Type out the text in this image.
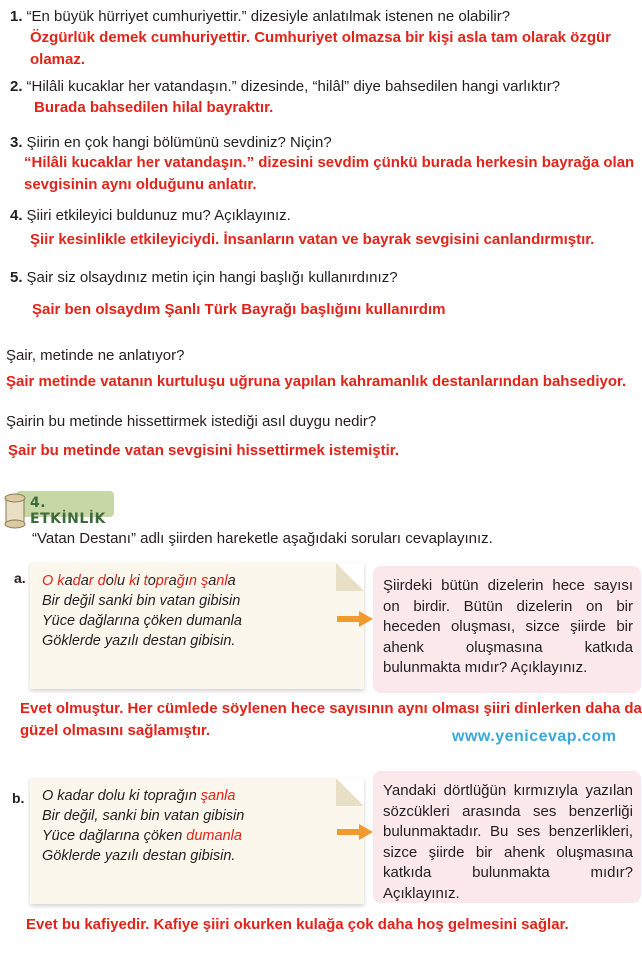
1. “En büyük hürriyet cumhuriyettir.” dizesiyle anlatılmak istenen ne olabilir?
Özgürlük demek cumhuriyettir. Cumhuriyet olmazsa bir kişi asla tam olarak özgür
olamaz.
2. “Hilâli kucaklar her vatandaşın.” dizesinde, “hilâl” diye bahsedilen hangi varlıktır?
Burada bahsedilen hilal bayraktır.
3. Şiirin en çok hangi bölümünü sevdiniz? Niçin?
“Hilâli kucaklar her vatandaşın.” dizesini sevdim çünkü burada herkesin bayrağa olan
sevgisinin aynı olduğunu anlatır.
4. Şiiri etkileyici buldunuz mu? Açıklayınız.
Şiir kesinlikle etkileyiciydi. İnsanların vatan ve bayrak sevgisini canlandırmıştır.
5. Şair siz olsaydınız metin için hangi başlığı kullanırdınız?
Şair ben olsaydım Şanlı Türk Bayrağı başlığını kullanırdım
Şair, metinde ne anlatıyor?
Şair metinde vatanın kurtuluşu uğruna yapılan kahramanlık destanlarından bahsediyor.
Şairin bu metinde hissettirmek istediği asıl duygu nedir?
Şair bu metinde vatan sevgisini hissettirmek istemiştir.
4. ETKİNLİK
“Vatan Destanı” adlı şiirden hareketle aşağıdaki soruları cevaplayınız.
a. O kadar dolu ki toprağın şanla
Bir değil sanki bin vatan gibisin
Yüce dağlarına çöken dumanla
Göklerde yazılı destan gibisin.
Şiirdeki bütün dizelerin hece sayısı on birdir. Bütün dizelerin on bir heceden oluşması, sizce şiirde bir ahenk oluşmasına katkıda bulunmakta mıdır? Açıklayınız.
Evet olmuştur. Her cümlede söylenen hece sayısının aynı olması şiiri dinlerken daha da
güzel olmasını sağlamıştır.	www.yenicevap.com
b. O kadar dolu ki toprağın şanla
Bir değil, sanki bin vatan gibisin
Yüce dağlarına çöken dumanla
Göklerde yazılı destan gibisin.
Yandaki dörtlüğün kırmızıyla yazılan sözcükleri arasında ses benzerliği bulunmaktadır. Bu ses benzerlikleri, sizce şiirde bir ahenk oluşmasına katkıda bulunmakta mıdır? Açıklayınız.
Evet bu kafiyedir. Kafiye şiiri okurken kulağa çok daha hoş gelmesini sağlar.
